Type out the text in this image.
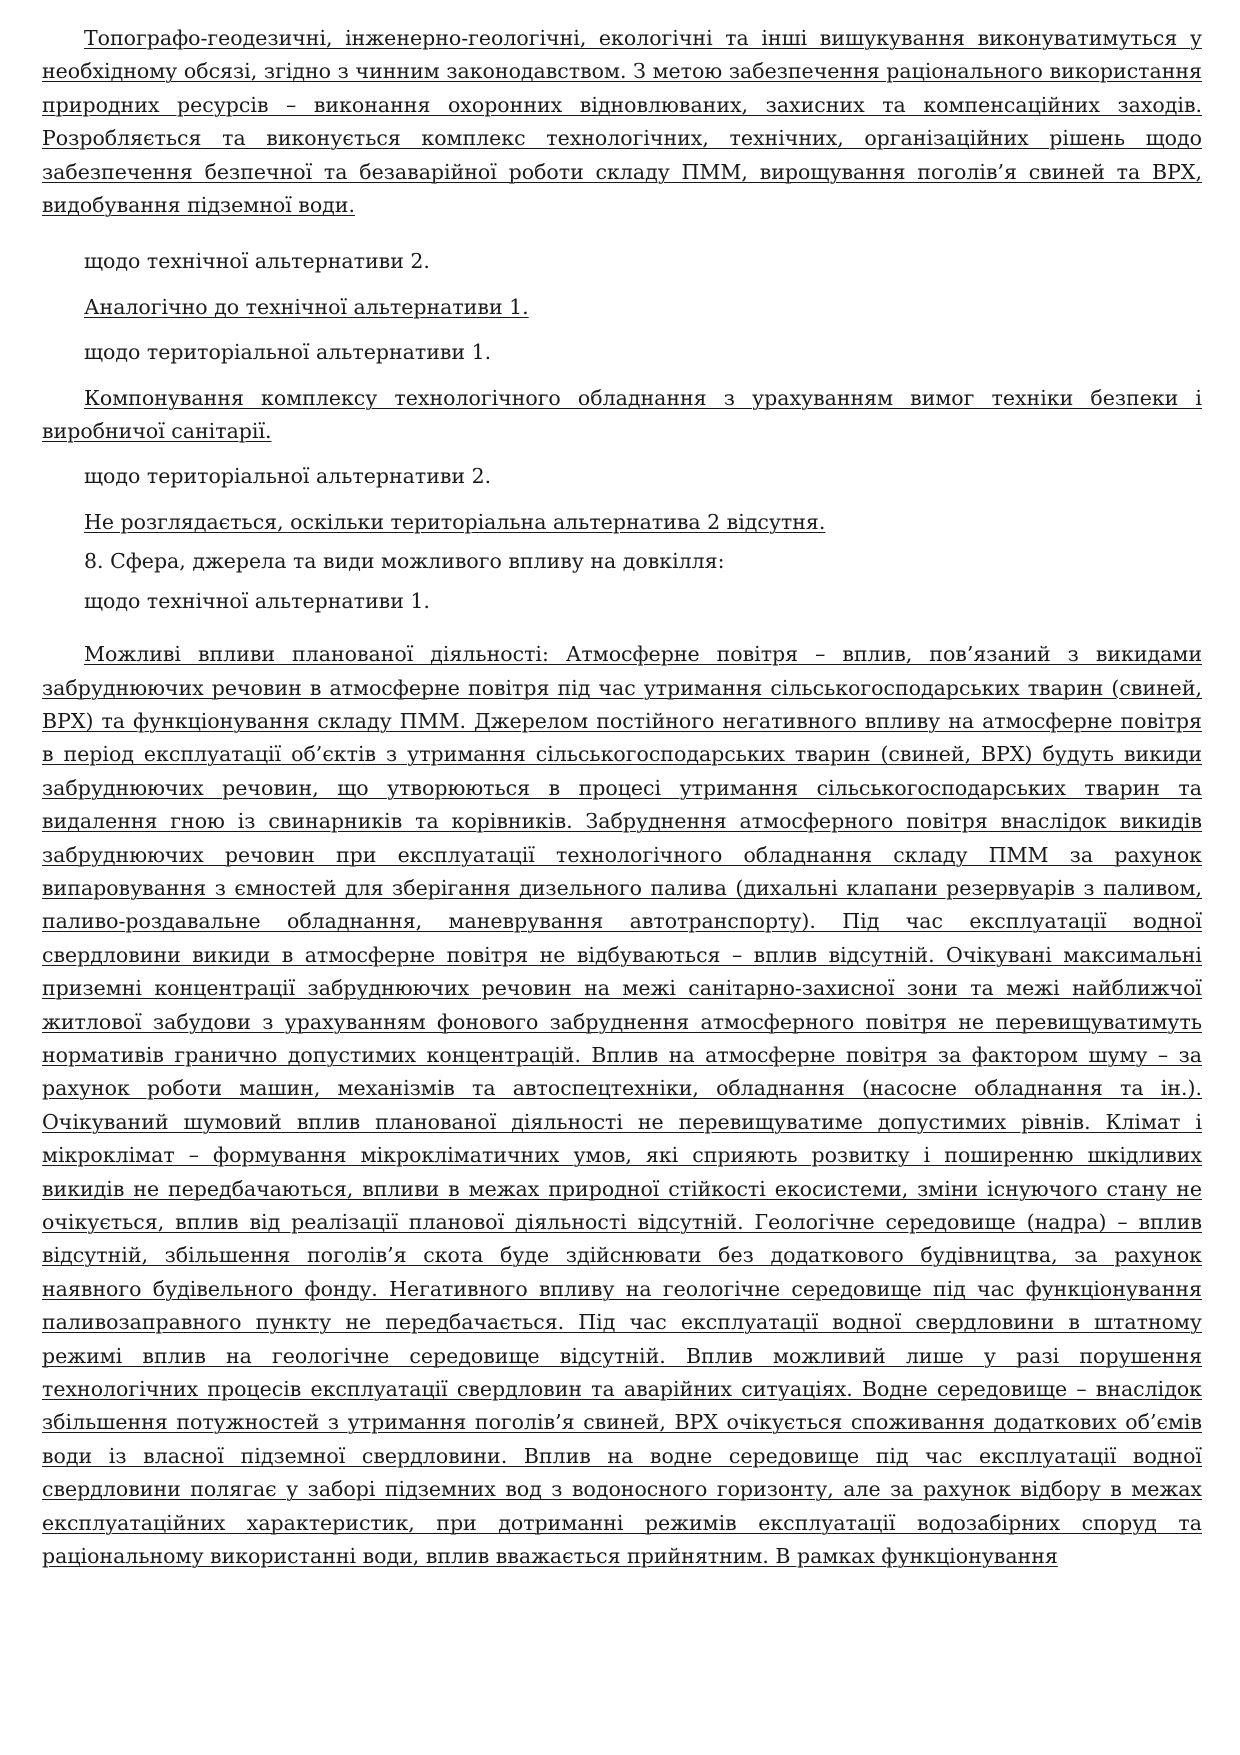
Топографо-геодезичні, інженерно-геологічні, екологічні та інші вишукування виконуватимуться у необхідному обсязі, згідно з чинним законодавством. З метою забезпечення раціонального використання природних ресурсів – виконання охоронних відновлюваних, захисних та компенсаційних заходів. Розробляється та виконується комплекс технологічних, технічних, організаційних рішень щодо забезпечення безпечної та безаварійної роботи складу ПММ, вирощування поголів’я свиней та ВРХ, видобування підземної води.

щодо технічної альтернативи 2.

Аналогічно до технічної альтернативи 1.

щодо територіальної альтернативи 1.

Компонування комплексу технологічного обладнання з урахуванням вимог техніки безпеки і виробничої санітарії.

щодо територіальної альтернативи 2.

Не розглядається, оскільки територіальна альтернатива 2 відсутня.

8. Сфера, джерела та види можливого впливу на довкілля:

щодо технічної альтернативи 1.

Можливі впливи планованої діяльності: Атмосферне повітря – вплив, пов’язаний з викидами забруднюючих речовин в атмосферне повітря під час утримання сільськогосподарських тварин (свиней, ВРХ) та функціонування складу ПММ. Джерелом постійного негативного впливу на атмосферне повітря в період експлуатації об’єктів з утримання сільськогосподарських тварин (свиней, ВРХ) будуть викиди забруднюючих речовин, що утворюються в процесі утримання сільськогосподарських тварин та видалення гною із свинарників та корівників. Забруднення атмосферного повітря внаслідок викидів забруднюючих речовин при експлуатації технологічного обладнання складу ПММ за рахунок випаровування з ємностей для зберігання дизельного палива (дихальні клапани резервуарів з паливом, паливо-роздавальне обладнання, маневрування автотранспорту). Під час експлуатації водної свердловини викиди в атмосферне повітря не відбуваються – вплив відсутній. Очікувані максимальні приземні концентрації забруднюючих речовин на межі санітарно-захисної зони та межі найближчої житлової забудови з урахуванням фонового забруднення атмосферного повітря не перевищуватимуть нормативів гранично допустимих концентрацій. Вплив на атмосферне повітря за фактором шуму – за рахунок роботи машин, механізмів та автоспецтехніки, обладнання (насосне обладнання та ін.). Очікуваний шумовий вплив планованої діяльності не перевищуватиме допустимих рівнів. Клімат і мікроклімат – формування мікрокліматичних умов, які сприяють розвитку і поширенню шкідливих викидів не передбачаються, впливи в межах природної стійкості екосистеми, зміни існуючого стану не очікується, вплив від реалізації планової діяльності відсутній. Геологічне середовище (надра) – вплив відсутній, збільшення поголів’я скота буде здійснювати без додаткового будівництва, за рахунок наявного будівельного фонду. Негативного впливу на геологічне середовище під час функціонування паливозаправного пункту не передбачається. Під час експлуатації водної свердловини в штатному режимі вплив на геологічне середовище відсутній. Вплив можливий лише у разі порушення технологічних процесів експлуатації свердловин та аварійних ситуаціях. Водне середовище – внаслідок збільшення потужностей з утримання поголів’я свиней, ВРХ очікується споживання додаткових об’ємів води із власної підземної свердловини. Вплив на водне середовище під час експлуатації водної свердловини полягає у заборі підземних вод з водоносного горизонту, але за рахунок відбору в межах експлуатаційних характеристик, при дотриманні режимів експлуатації водозабірних споруд та раціональному використанні води, вплив вважається прийнятним. В рамках функціонування
